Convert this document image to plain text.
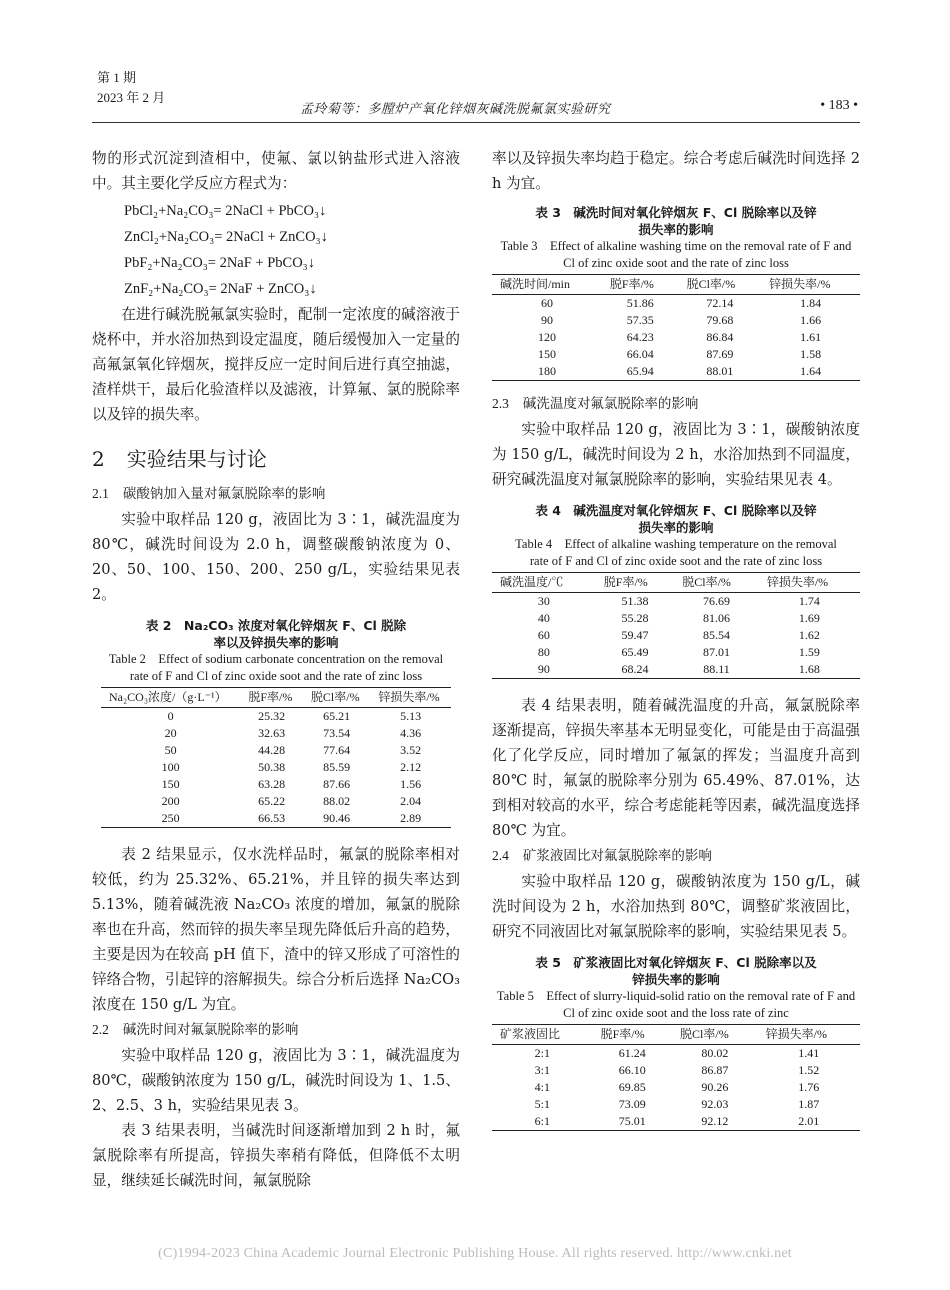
第 1 期
2023 年 2 月
孟玲菊等：多膛炉产氧化锌烟灰碱洗脱氟氯实验研究	• 183 •

物的形式沉淀到渣相中，使氟、氯以钠盐形式进入溶液中。其主要化学反应方程式为：

PbCl₂+Na₂CO₃= 2NaCl + PbCO₃↓
ZnCl₂+Na₂CO₃= 2NaCl + ZnCO₃↓
PbF₂+Na₂CO₃= 2NaF + PbCO₃↓
ZnF₂+Na₂CO₃= 2NaF + ZnCO₃↓

在进行碱洗脱氟氯实验时，配制一定浓度的碱溶液于烧杯中，并水浴加热到设定温度，随后缓慢加入一定量的高氟氯氧化锌烟灰，搅拌反应一定时间后进行真空抽滤，渣样烘干，最后化验渣样以及滤液，计算氟、氯的脱除率以及锌的损失率。

2 实验结果与讨论
2.1 碳酸钠加入量对氟氯脱除率的影响

实验中取样品 120 g，液固比为 3∶1，碱洗温度为 80℃，碱洗时间设为 2.0 h，调整碳酸钠浓度为 0、20、50、100、150、200、250 g/L，实验结果见表 2。

表 2　Na₂CO₃ 浓度对氧化锌烟灰 F、Cl 脱除率以及锌损失率的影响
Table 2　Effect of sodium carbonate concentration on the removal rate of F and Cl of zinc oxide soot and the rate of zinc loss
Na₂CO₃浓度/（g·L⁻¹）	脱F率/%	脱Cl率/%	锌损失率/%
0	25.32	65.21	5.13
20	32.63	73.54	4.36
50	44.28	77.64	3.52
100	50.38	85.59	2.12
150	63.28	87.66	1.56
200	65.22	88.02	2.04
250	66.53	90.46	2.89

表 2 结果显示，仅水洗样品时，氟氯的脱除率相对较低，约为 25.32%、65.21%，并且锌的损失率达到 5.13%，随着碱洗液 Na₂CO₃ 浓度的增加，氟氯的脱除率也在升高，然而锌的损失率呈现先降低后升高的趋势，主要是因为在较高 pH 值下，渣中的锌又形成了可溶性的锌络合物，引起锌的溶解损失。综合分析后选择 Na₂CO₃ 浓度在 150 g/L 为宜。

2.2 碱洗时间对氟氯脱除率的影响

实验中取样品 120 g，液固比为 3∶1，碱洗温度为 80℃，碳酸钠浓度为 150 g/L，碱洗时间设为 1、1.5、2、2.5、3 h，实验结果见表 3。

表 3 结果表明，当碱洗时间逐渐增加到 2 h 时，氟氯脱除率有所提高，锌损失率稍有降低，但降低不太明显，继续延长碱洗时间，氟氯脱除

率以及锌损失率均趋于稳定。综合考虑后碱洗时间选择 2 h 为宜。

表 3　碱洗时间对氧化锌烟灰 F、Cl 脱除率以及锌损失率的影响
Table 3　Effect of alkaline washing time on the removal rate of F and Cl of zinc oxide soot and the rate of zinc loss
碱洗时间/min	脱F率/%	脱Cl率/%	锌损失率/%
60	51.86	72.14	1.84
90	57.35	79.68	1.66
120	64.23	86.84	1.61
150	66.04	87.69	1.58
180	65.94	88.01	1.64
2.3 碱洗温度对氟氯脱除率的影响

实验中取样品 120 g，液固比为 3∶1，碳酸钠浓度为 150 g/L，碱洗时间设为 2 h，水浴加热到不同温度，研究碱洗温度对氟氯脱除率的影响，实验结果见表 4。

表 4　碱洗温度对氧化锌烟灰 F、Cl 脱除率以及锌损失率的影响
Table 4　Effect of alkaline washing temperature on the removal rate of F and Cl of zinc oxide soot and the rate of zinc loss
碱洗温度/℃	脱F率/%	脱Cl率/%	锌损失率/%
30	51.38	76.69	1.74
40	55.28	81.06	1.69
60	59.47	85.54	1.62
80	65.49	87.01	1.59
90	68.24	88.11	1.68

表 4 结果表明，随着碱洗温度的升高，氟氯脱除率逐渐提高，锌损失率基本无明显变化，可能是由于高温强化了化学反应，同时增加了氟氯的挥发；当温度升高到 80℃ 时，氟氯的脱除率分别为 65.49%、87.01%，达到相对较高的水平，综合考虑能耗等因素，碱洗温度选择 80℃ 为宜。

2.4 矿浆液固比对氟氯脱除率的影响

实验中取样品 120 g，碳酸钠浓度为 150 g/L，碱洗时间设为 2 h，水浴加热到 80℃，调整矿浆液固比，研究不同液固比对氟氯脱除率的影响，实验结果见表 5。

表 5　矿浆液固比对氧化锌烟灰 F、Cl 脱除率以及锌损失率的影响
Table 5　Effect of slurry-liquid-solid ratio on the removal rate of F and Cl of zinc oxide soot and the loss rate of zinc
矿浆液固比	脱F率/%	脱Cl率/%	锌损失率/%
2:1	61.24	80.02	1.41
3:1	66.10	86.87	1.52
4:1	69.85	90.26	1.76
5:1	73.09	92.03	1.87
6:1	75.01	92.12	2.01
(C)1994-2023 China Academic Journal Electronic Publishing House. All rights reserved. http://www.cnki.net
